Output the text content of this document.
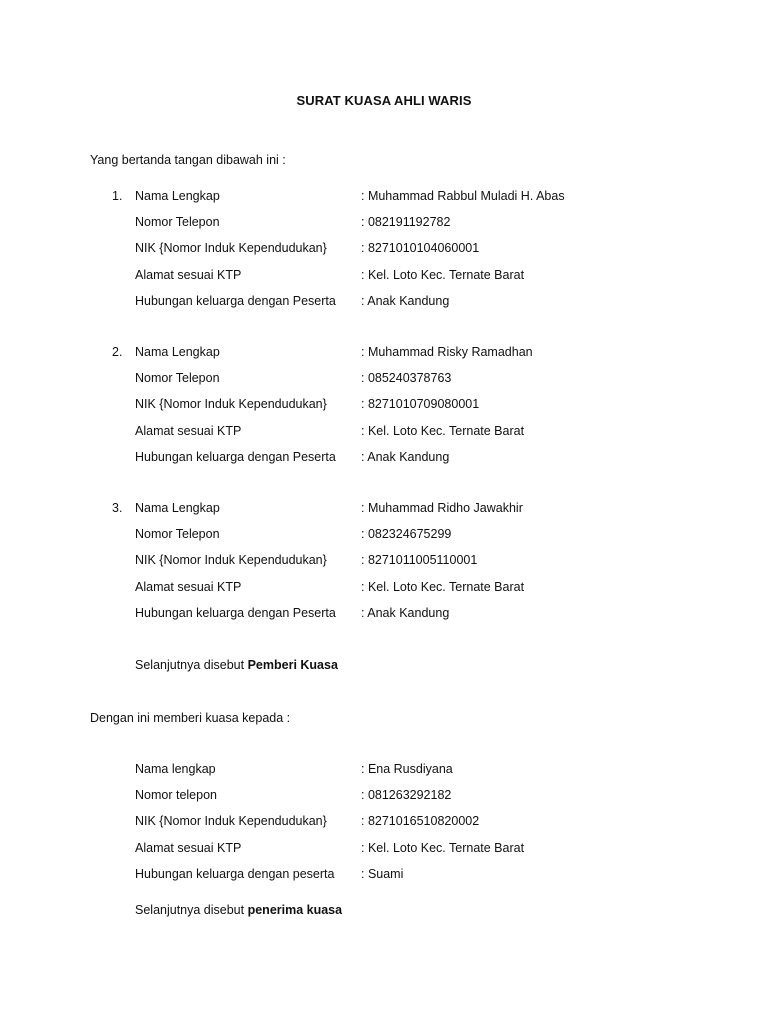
SURAT KUASA AHLI WARIS
Yang bertanda tangan dibawah ini :
1. Nama Lengkap	: Muhammad Rabbul Muladi H. Abas
Nomor Telepon	: 082191192782
NIK {Nomor Induk Kependudukan}	: 8271010104060001
Alamat sesuai KTP	: Kel. Loto Kec. Ternate Barat
Hubungan keluarga dengan Peserta : Anak Kandung
2. Nama Lengkap	: Muhammad Risky Ramadhan
Nomor Telepon	: 085240378763
NIK {Nomor Induk Kependudukan}	: 8271010709080001
Alamat sesuai KTP	: Kel. Loto Kec. Ternate Barat
Hubungan keluarga dengan Peserta : Anak Kandung
3. Nama Lengkap	: Muhammad Ridho Jawakhir
Nomor Telepon	: 082324675299
NIK {Nomor Induk Kependudukan}	: 8271011005110001
Alamat sesuai KTP	: Kel. Loto Kec. Ternate Barat
Hubungan keluarga dengan Peserta : Anak Kandung
Selanjutnya disebut Pemberi Kuasa
Dengan ini memberi kuasa kepada :
Nama lengkap	: Ena Rusdiyana
Nomor telepon	: 081263292182
NIK {Nomor Induk Kependudukan}	: 8271016510820002
Alamat sesuai KTP	: Kel. Loto Kec. Ternate Barat
Hubungan keluarga dengan peserta : Suami
Selanjutnya disebut penerima kuasa
